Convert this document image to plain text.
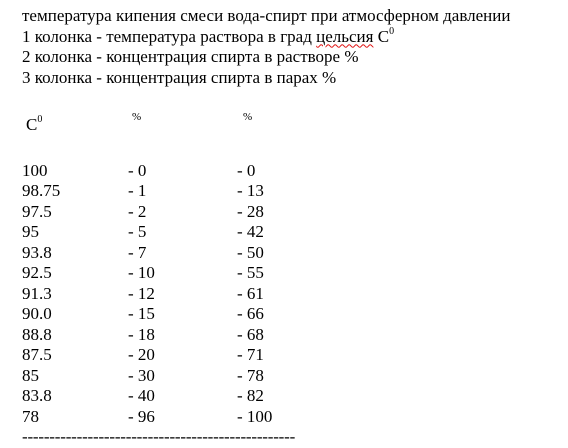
температура кипения смеси вода-спирт при атмосферном давлении
1 колонка - температура раствора в град цельсия $C^0$
2 колонка - концентрация спирта в растворе %
3 колонка - концентрация спирта в парах %
$C^0$	%	%
100	- 0	- 0
98.75	- 1	- 13
97.5	- 2	- 28
95	- 5	- 42
93.8	- 7	- 50
92.5	- 10	- 55
91.3	- 12	- 61
90.0	- 15	- 66
88.8	- 18	- 68
87.5	- 20	- 71
85	- 30	- 78
83.8	- 40	- 82
78	- 96	- 100
--------------------------------------------------
